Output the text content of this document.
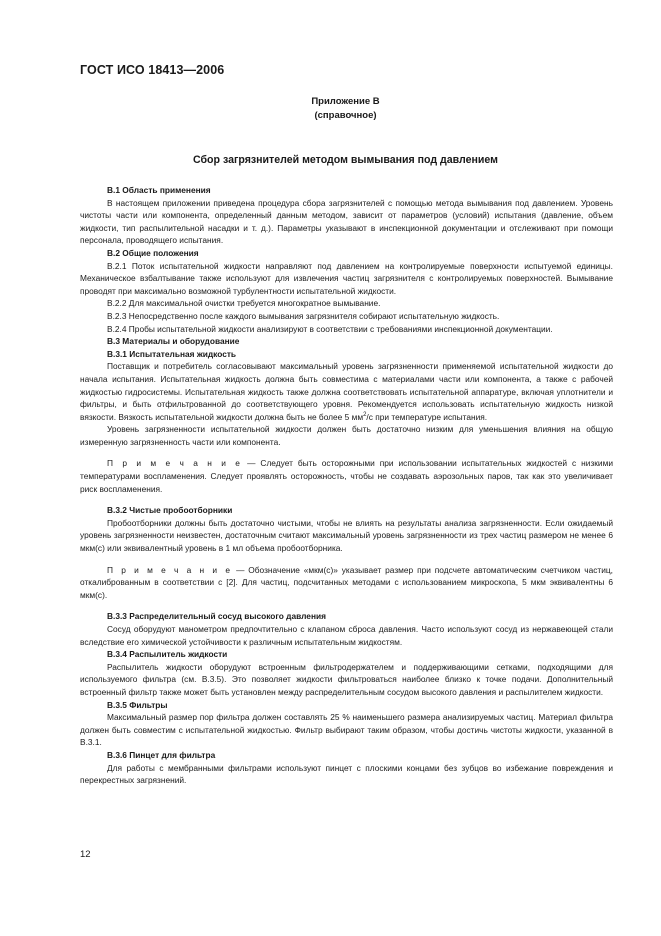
ГОСТ ИСО 18413—2006
Приложение В
(справочное)
Сбор загрязнителей методом вымывания под давлением
В.1 Область применения
В настоящем приложении приведена процедура сбора загрязнителей с помощью метода вымывания под давлением. Уровень чистоты части или компонента, определенный данным методом, зависит от параметров (условий) испытания (давление, объем жидкости, тип распылительной насадки и т. д.). Параметры указывают в инспекционной документации и отслеживают при помощи персонала, проводящего испытания.
В.2 Общие положения
В.2.1 Поток испытательной жидкости направляют под давлением на контролируемые поверхности испытуемой единицы. Механическое взбалтывание также используют для извлечения частиц загрязнителя с контролируемых поверхностей. Вымывание проводят при максимально возможной турбулентности испытательной жидкости.
В.2.2 Для максимальной очистки требуется многократное вымывание.
В.2.3 Непосредственно после каждого вымывания загрязнителя собирают испытательную жидкость.
В.2.4 Пробы испытательной жидкости анализируют в соответствии с требованиями инспекционной документации.
В.3 Материалы и оборудование
В.3.1 Испытательная жидкость
Поставщик и потребитель согласовывают максимальный уровень загрязненности применяемой испытательной жидкости до начала испытания. Испытательная жидкость должна быть совместима с материалами части или компонента, а также с рабочей жидкостью гидросистемы. Испытательная жидкость также должна соответствовать испытательной аппаратуре, включая уплотнители и фильтры, и быть отфильтрованной до соответствующего уровня. Рекомендуется использовать испытательную жидкость низкой вязкости. Вязкость испытательной жидкости должна быть не более 5 $мм^2/с$ при температуре испытания.
Уровень загрязненности испытательной жидкости должен быть достаточно низким для уменьшения влияния на общую измеренную загрязненность части или компонента.
П р и м е ч а н и е — Следует быть осторожными при использовании испытательных жидкостей с низкими температурами воспламенения. Следует проявлять осторожность, чтобы не создавать аэрозольных паров, так как это увеличивает риск воспламенения.
В.3.2 Чистые пробоотборники
Пробоотборники должны быть достаточно чистыми, чтобы не влиять на результаты анализа загрязненности. Если ожидаемый уровень загрязненности неизвестен, достаточным считают максимальный уровень загрязненности из трех частиц размером не менее 6 мкм(c) или эквивалентный уровень в 1 мл объема пробоотборника.
П р и м е ч а н и е — Обозначение «мкм(c)» указывает размер при подсчете автоматическим счетчиком частиц, откалиброванным в соответствии с [2]. Для частиц, подсчитанных методами с использованием микроскопа, 5 мкм эквивалентны 6 мкм(c).
В.3.3 Распределительный сосуд высокого давления
Сосуд оборудуют манометром предпочтительно с клапаном сброса давления. Часто используют сосуд из нержавеющей стали вследствие его химической устойчивости к различным испытательным жидкостям.
В.3.4 Распылитель жидкости
Распылитель жидкости оборудуют встроенным фильтродержателем и поддерживающими сетками, подходящими для используемого фильтра (см. В.3.5). Это позволяет жидкости фильтроваться наиболее близко к точке подачи. Дополнительный встроенный фильтр также может быть установлен между распределительным сосудом высокого давления и распылителем жидкости.
В.3.5 Фильтры
Максимальный размер пор фильтра должен составлять 25 % наименьшего размера анализируемых частиц. Материал фильтра должен быть совместим с испытательной жидкостью. Фильтр выбирают таким образом, чтобы достичь чистоты жидкости, указанной в В.3.1.
В.3.6 Пинцет для фильтра
Для работы с мембранными фильтрами используют пинцет с плоскими концами без зубцов во избежание повреждения и перекрестных загрязнений.
12
